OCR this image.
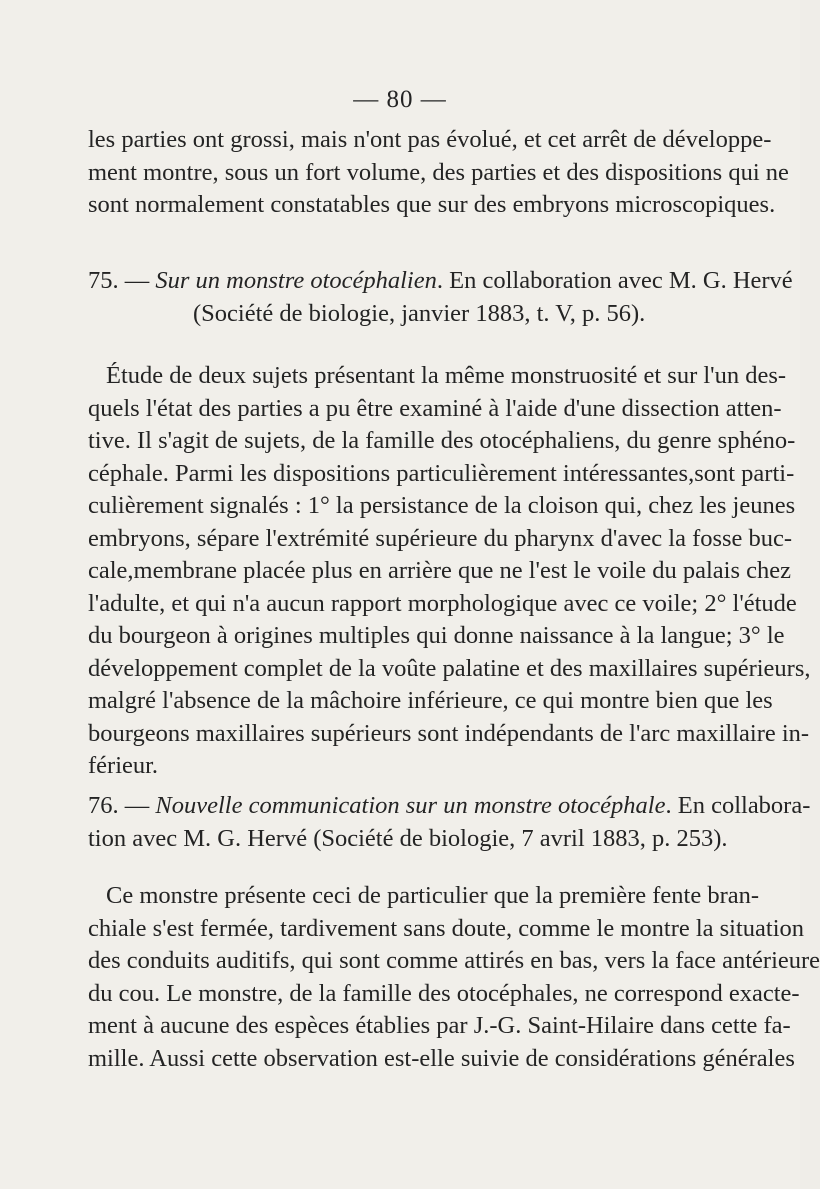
— 80 —
les parties ont grossi, mais n'ont pas évolué, et cet arrêt de développe-
ment montre, sous un fort volume, des parties et des dispositions qui ne
sont normalement constatables que sur des embryons microscopiques.
75. — Sur un monstre otocéphalien. En collaboration avec M. G. Hervé
(Société de biologie, janvier 1883, t. V, p. 56).
Étude de deux sujets présentant la même monstruosité et sur l'un des-
quels l'état des parties a pu être examiné à l'aide d'une dissection atten-
tive. Il s'agit de sujets, de la famille des otocéphaliens, du genre sphéno-
céphale. Parmi les dispositions particulièrement intéressantes,sont parti-
culièrement signalés : 1° la persistance de la cloison qui, chez les jeunes
embryons, sépare l'extrémité supérieure du pharynx d'avec la fosse buc-
cale,membrane placée plus en arrière que ne l'est le voile du palais chez
l'adulte, et qui n'a aucun rapport morphologique avec ce voile; 2° l'étude
du bourgeon à origines multiples qui donne naissance à la langue; 3° le
développement complet de la voûte palatine et des maxillaires supérieurs,
malgré l'absence de la mâchoire inférieure, ce qui montre bien que les
bourgeons maxillaires supérieurs sont indépendants de l'arc maxillaire in-
férieur.
76. — Nouvelle communication sur un monstre otocéphale. En collabora-
tion avec M. G. Hervé (Société de biologie, 7 avril 1883, p. 253).
Ce monstre présente ceci de particulier que la première fente bran-
chiale s'est fermée, tardivement sans doute, comme le montre la situation
des conduits auditifs, qui sont comme attirés en bas, vers la face antérieure
du cou. Le monstre, de la famille des otocéphales, ne correspond exacte-
ment à aucune des espèces établies par J.-G. Saint-Hilaire dans cette fa-
mille. Aussi cette observation est-elle suivie de considérations générales
